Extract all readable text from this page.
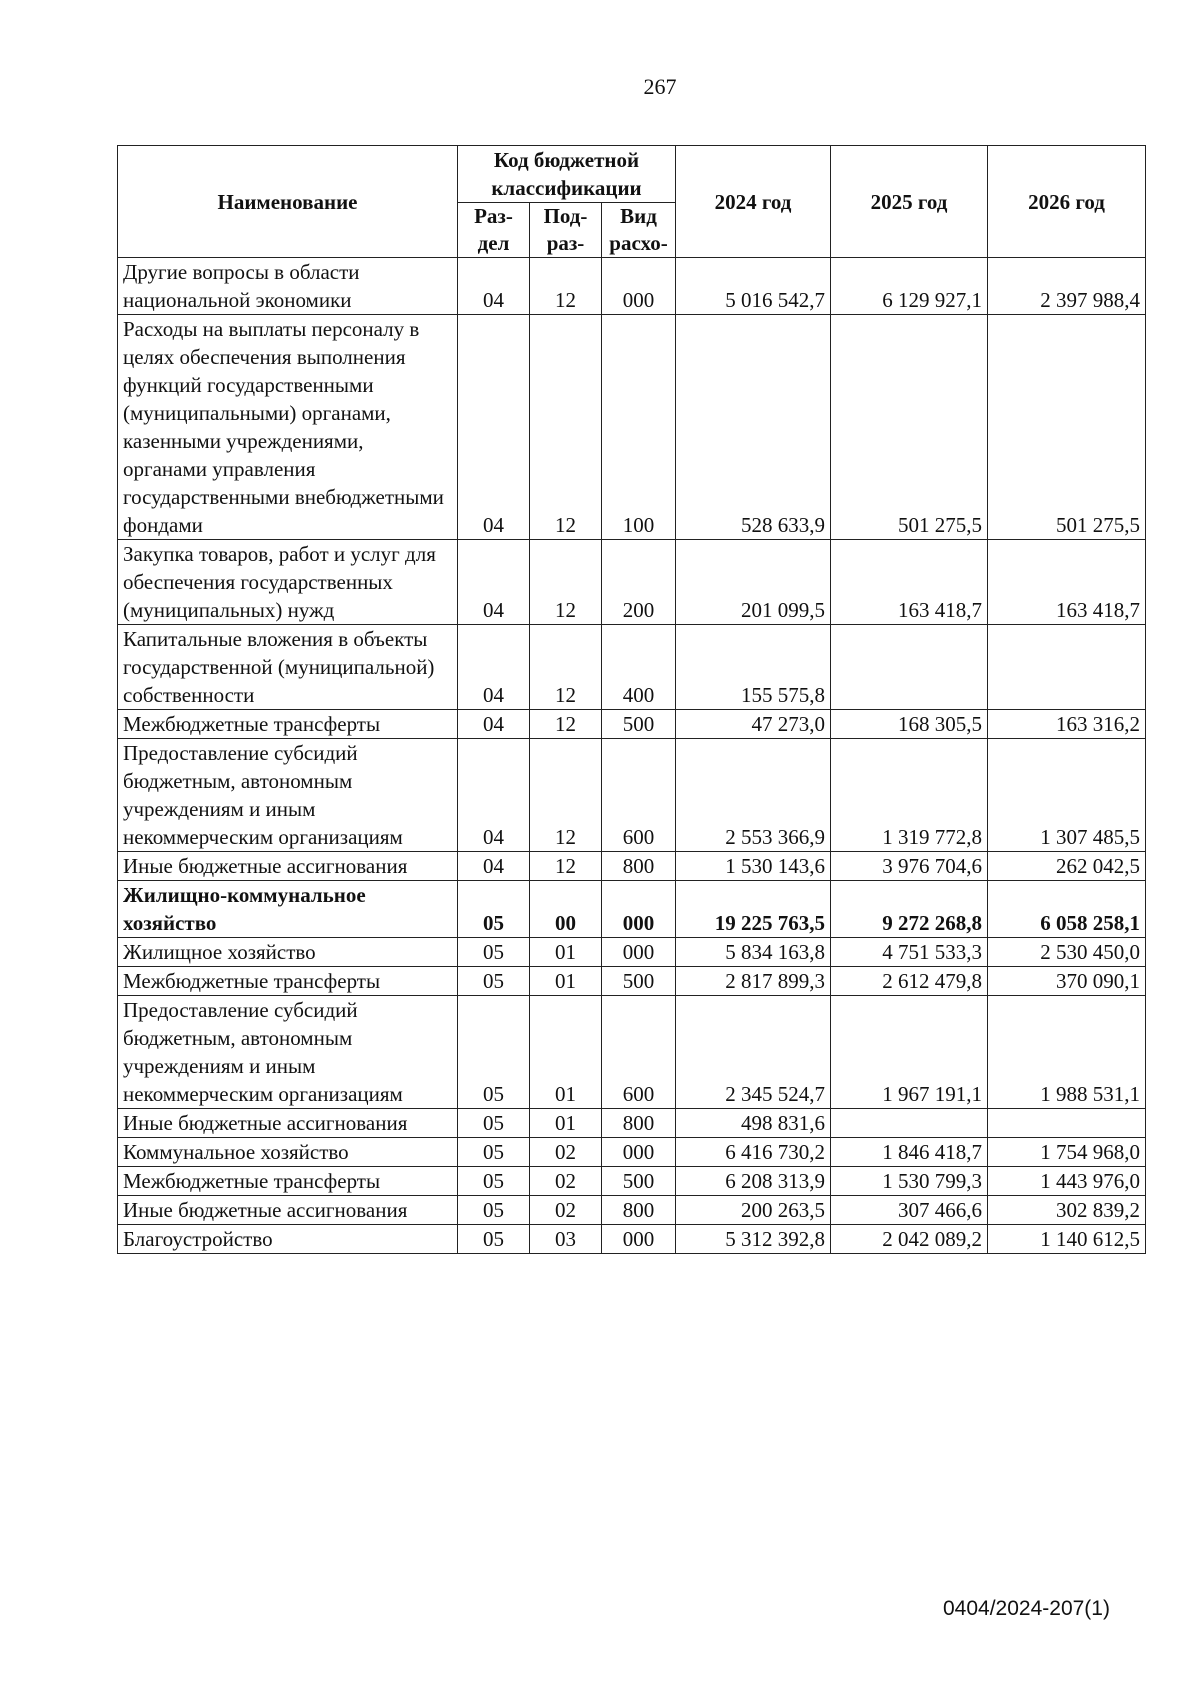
267
Наименование	Код бюджетной классификации			2024 год	2025 год	2026 год
	Раз- дел	Под- раз-	Вид расхо-			
Другие вопросы в области национальной экономики	04	12	000	5 016 542,7	6 129 927,1	2 397 988,4
Расходы на выплаты персоналу в целях обеспечения выполнения функций государственными (муниципальными) органами, казенными учреждениями, органами управления государственными внебюджетными фондами	04	12	100	528 633,9	501 275,5	501 275,5
Закупка товаров, работ и услуг для обеспечения государственных (муниципальных) нужд	04	12	200	201 099,5	163 418,7	163 418,7
Капитальные вложения в объекты государственной (муниципальной) собственности	04	12	400	155 575,8		
Межбюджетные трансферты	04	12	500	47 273,0	168 305,5	163 316,2
Предоставление субсидий бюджетным, автономным учреждениям и иным некоммерческим организациям	04	12	600	2 553 366,9	1 319 772,8	1 307 485,5
Иные бюджетные ассигнования	04	12	800	1 530 143,6	3 976 704,6	262 042,5
Жилищно-коммунальное хозяйство	05	00	000	19 225 763,5	9 272 268,8	6 058 258,1
Жилищное хозяйство	05	01	000	5 834 163,8	4 751 533,3	2 530 450,0
Межбюджетные трансферты	05	01	500	2 817 899,3	2 612 479,8	370 090,1
Предоставление субсидий бюджетным, автономным учреждениям и иным некоммерческим организациям	05	01	600	2 345 524,7	1 967 191,1	1 988 531,1
Иные бюджетные ассигнования	05	01	800	498 831,6		
Коммунальное хозяйство	05	02	000	6 416 730,2	1 846 418,7	1 754 968,0
Межбюджетные трансферты	05	02	500	6 208 313,9	1 530 799,3	1 443 976,0
Иные бюджетные ассигнования	05	02	800	200 263,5	307 466,6	302 839,2
Благоустройство	05	03	000	5 312 392,8	2 042 089,2	1 140 612,5
0404/2024-207(1)
